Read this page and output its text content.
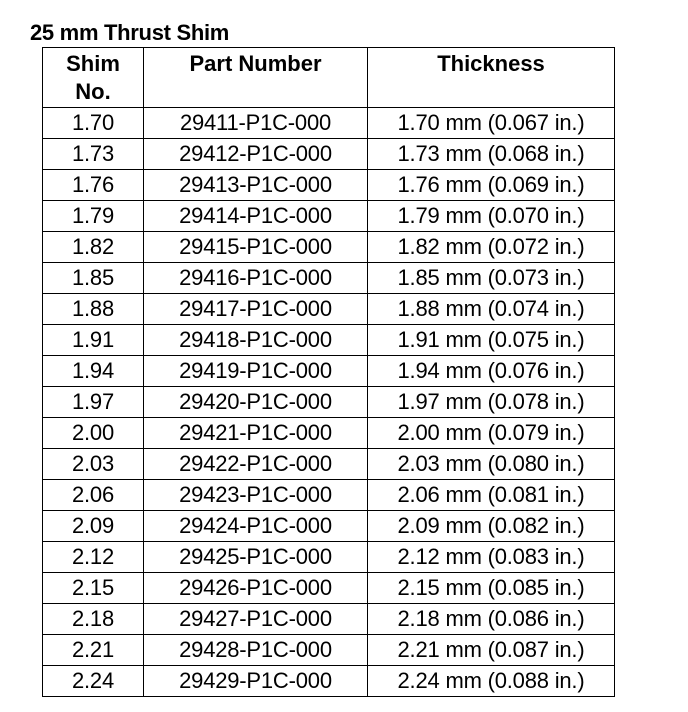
25 mm Thrust Shim
Shim
No.	Part Number	Thickness
1.70	29411-P1C-000	1.70 mm (0.067 in.)
1.73	29412-P1C-000	1.73 mm (0.068 in.)
1.76	29413-P1C-000	1.76 mm (0.069 in.)
1.79	29414-P1C-000	1.79 mm (0.070 in.)
1.82	29415-P1C-000	1.82 mm (0.072 in.)
1.85	29416-P1C-000	1.85 mm (0.073 in.)
1.88	29417-P1C-000	1.88 mm (0.074 in.)
1.91	29418-P1C-000	1.91 mm (0.075 in.)
1.94	29419-P1C-000	1.94 mm (0.076 in.)
1.97	29420-P1C-000	1.97 mm (0.078 in.)
2.00	29421-P1C-000	2.00 mm (0.079 in.)
2.03	29422-P1C-000	2.03 mm (0.080 in.)
2.06	29423-P1C-000	2.06 mm (0.081 in.)
2.09	29424-P1C-000	2.09 mm (0.082 in.)
2.12	29425-P1C-000	2.12 mm (0.083 in.)
2.15	29426-P1C-000	2.15 mm (0.085 in.)
2.18	29427-P1C-000	2.18 mm (0.086 in.)
2.21	29428-P1C-000	2.21 mm (0.087 in.)
2.24	29429-P1C-000	2.24 mm (0.088 in.)
